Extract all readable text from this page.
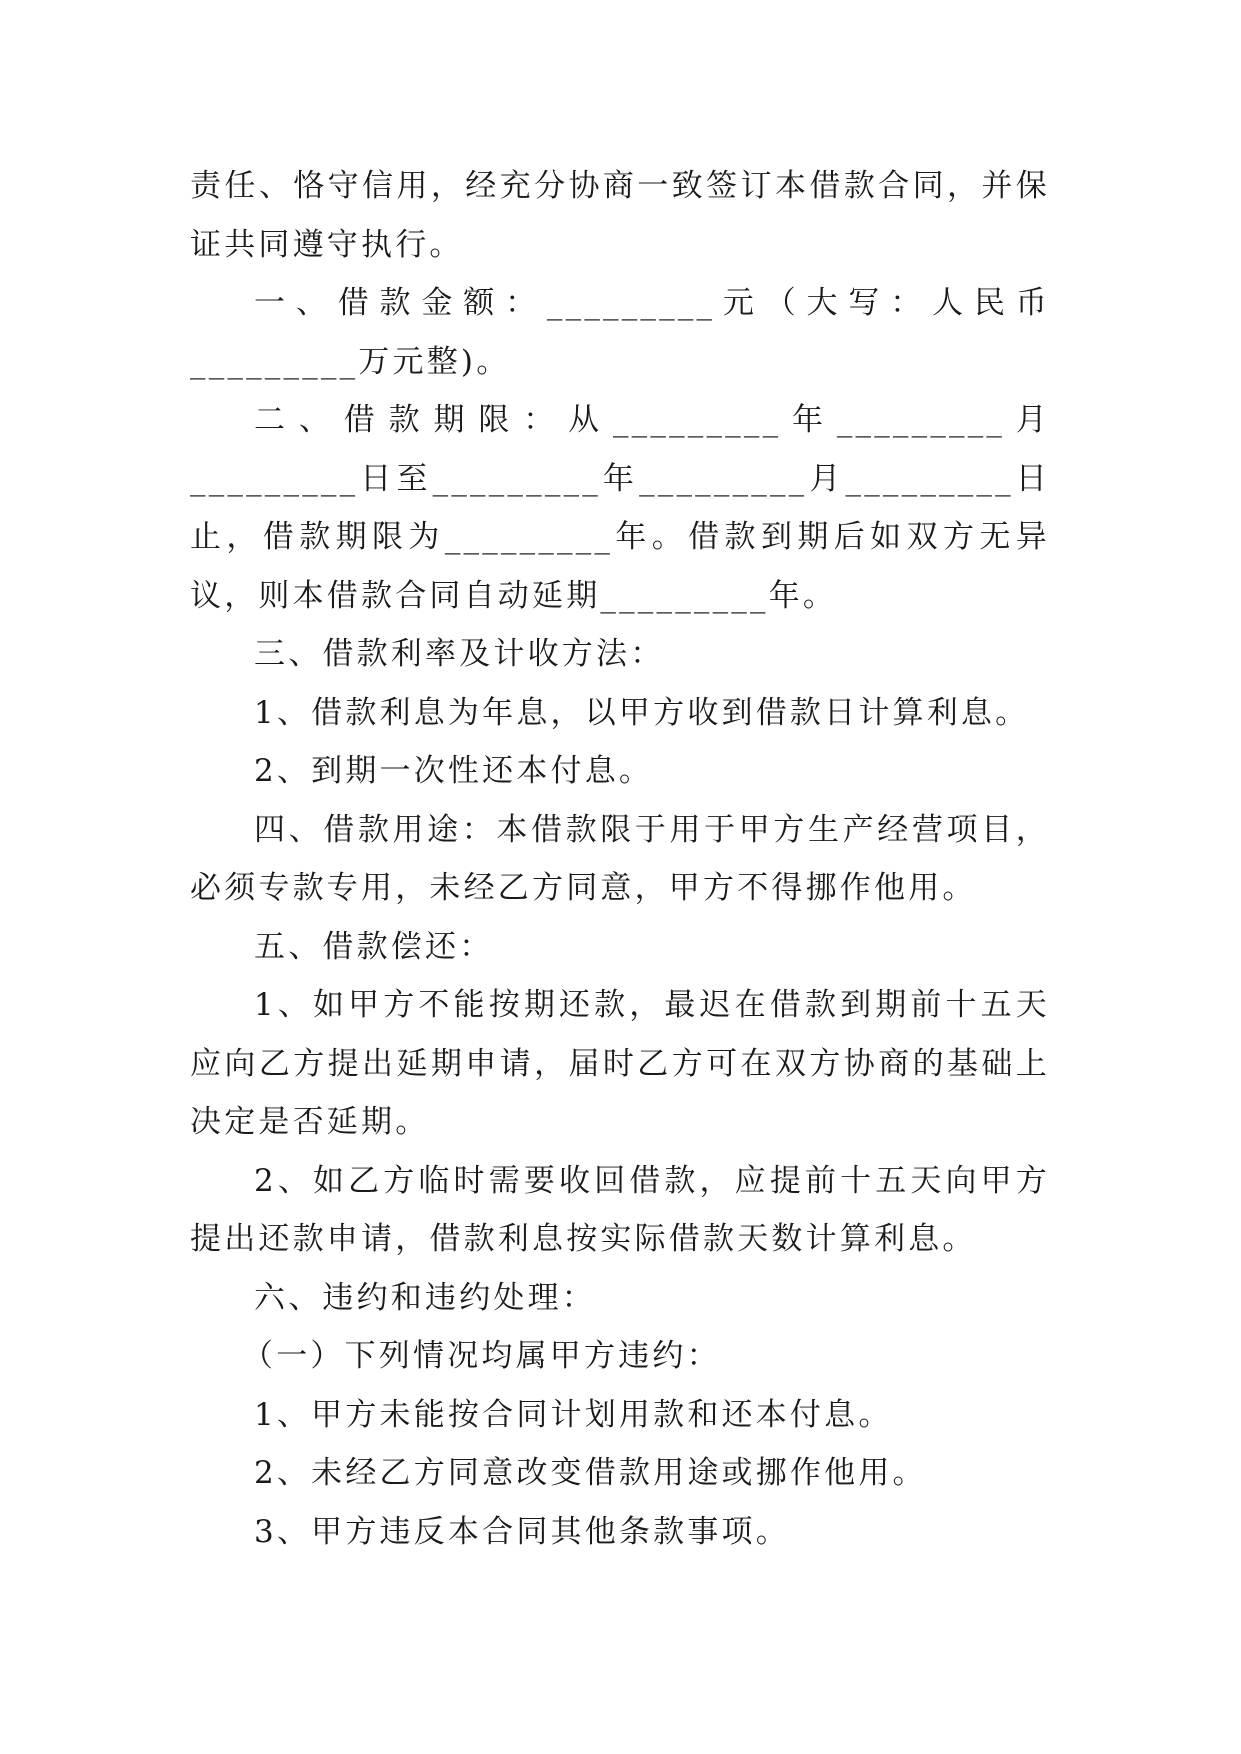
责任、恪守信用，经充分协商一致签订本借款合同，并保证共同遵守执行。

一、借款金额：_________元（大写：人民币_________万元整)。

二、借款期限：从_________年_________月_________日至_________年_________月_________日止，借款期限为_________年。借款到期后如双方无异议，则本借款合同自动延期_________年。

三、借款利率及计收方法：

1、借款利息为年息，以甲方收到借款日计算利息。

2、到期一次性还本付息。

四、借款用途：本借款限于用于甲方生产经营项目，必须专款专用，未经乙方同意，甲方不得挪作他用。

五、借款偿还：

1、如甲方不能按期还款，最迟在借款到期前十五天应向乙方提出延期申请，届时乙方可在双方协商的基础上决定是否延期。

2、如乙方临时需要收回借款，应提前十五天向甲方提出还款申请，借款利息按实际借款天数计算利息。

六、违约和违约处理：

（一）下列情况均属甲方违约：

1、甲方未能按合同计划用款和还本付息。

2、未经乙方同意改变借款用途或挪作他用。

3、甲方违反本合同其他条款事项。
